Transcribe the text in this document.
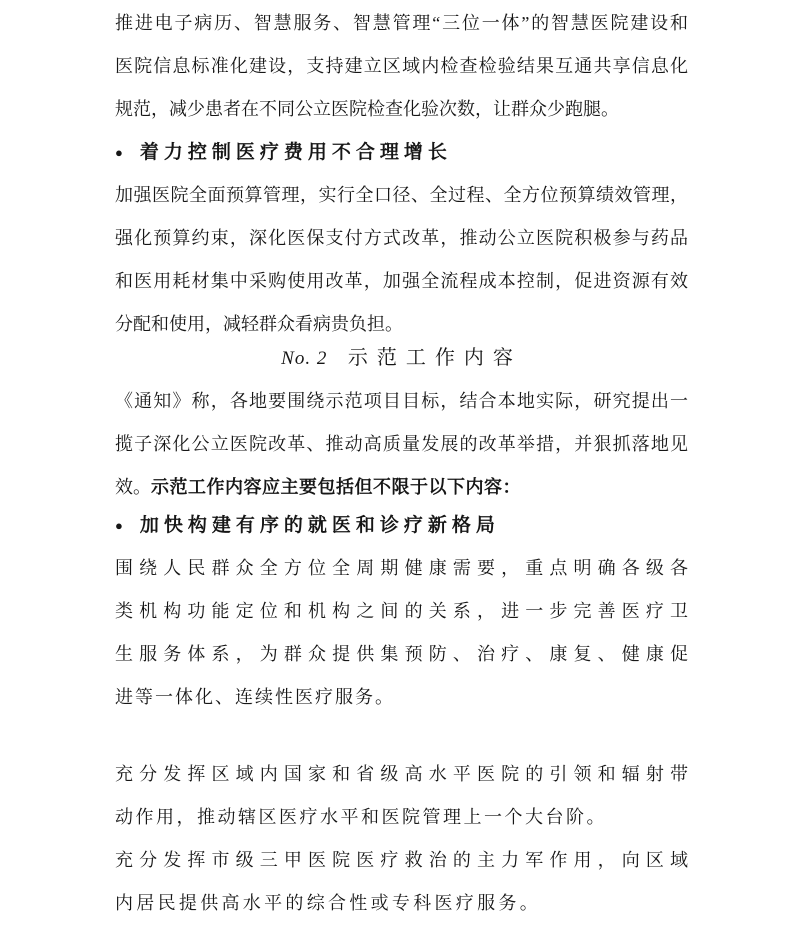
推进电子病历、智慧服务、智慧管理“三位一体”的智慧医院建设和
医院信息标准化建设，支持建立区域内检查检验结果互通共享信息化
规范，减少患者在不同公立医院检查化验次数，让群众少跑腿。
● 着力控制医疗费用不合理增长
加强医院全面预算管理，实行全口径、全过程、全方位预算绩效管理，
强化预算约束，深化医保支付方式改革，推动公立医院积极参与药品
和医用耗材集中采购使用改革，加强全流程成本控制，促进资源有效
分配和使用，减轻群众看病贵负担。
No. 2 示范工作内容
《通知》称，各地要围绕示范项目目标，结合本地实际，研究提出一
揽子深化公立医院改革、推动高质量发展的改革举措，并狠抓落地见
效。示范工作内容应主要包括但不限于以下内容：
● 加快构建有序的就医和诊疗新格局
围绕人民群众全方位全周期健康需要，重点明确各级各
类机构功能定位和机构之间的关系，进一步完善医疗卫
生服务体系，为群众提供集预防、治疗、康复、健康促
进等一体化、连续性医疗服务。
充分发挥区域内国家和省级高水平医院的引领和辐射带
动作用，推动辖区医疗水平和医院管理上一个大台阶。
充分发挥市级三甲医院医疗救治的主力军作用，向区域
内居民提供高水平的综合性或专科医疗服务。
